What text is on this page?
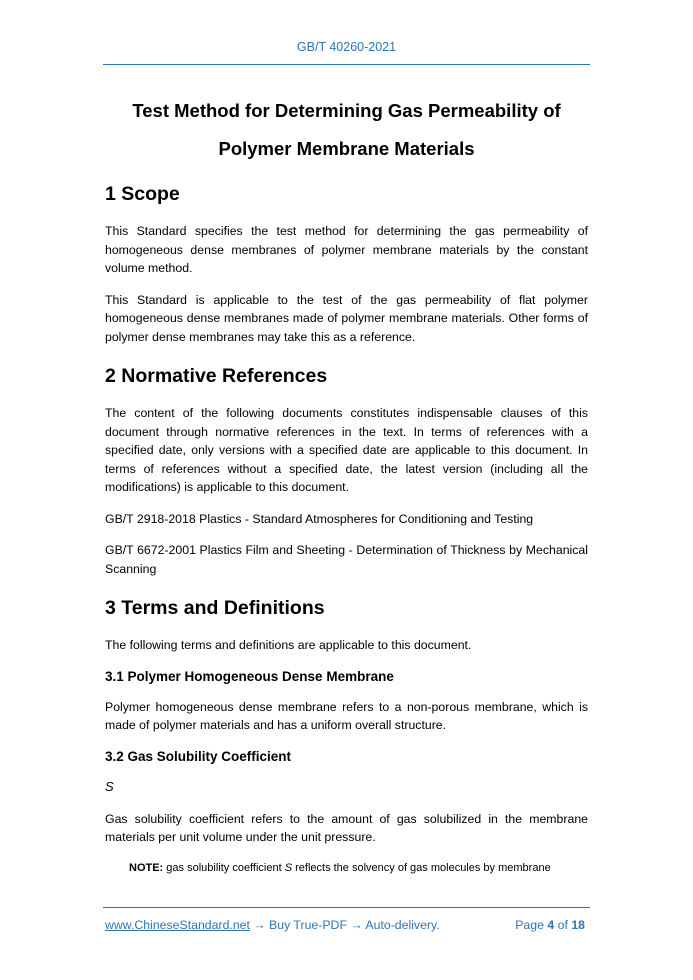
GB/T 40260-2021
Test Method for Determining Gas Permeability of
Polymer Membrane Materials
1 Scope

This Standard specifies the test method for determining the gas permeability of homogeneous dense membranes of polymer membrane materials by the constant volume method.

This Standard is applicable to the test of the gas permeability of flat polymer homogeneous dense membranes made of polymer membrane materials. Other forms of polymer dense membranes may take this as a reference.

2 Normative References

The content of the following documents constitutes indispensable clauses of this document through normative references in the text. In terms of references with a specified date, only versions with a specified date are applicable to this document. In terms of references without a specified date, the latest version (including all the modifications) is applicable to this document.

GB/T 2918-2018 Plastics - Standard Atmospheres for Conditioning and Testing

GB/T 6672-2001 Plastics Film and Sheeting - Determination of Thickness by Mechanical Scanning

3 Terms and Definitions

The following terms and definitions are applicable to this document.

3.1 Polymer Homogeneous Dense Membrane

Polymer homogeneous dense membrane refers to a non-porous membrane, which is made of polymer materials and has a uniform overall structure.

3.2 Gas Solubility Coefficient

S

Gas solubility coefficient refers to the amount of gas solubilized in the membrane materials per unit volume under the unit pressure.

NOTE: gas solubility coefficient S reflects the solvency of gas molecules by membrane

www.ChineseStandard.net → Buy True-PDF → Auto-delivery.	Page 4 of 18
